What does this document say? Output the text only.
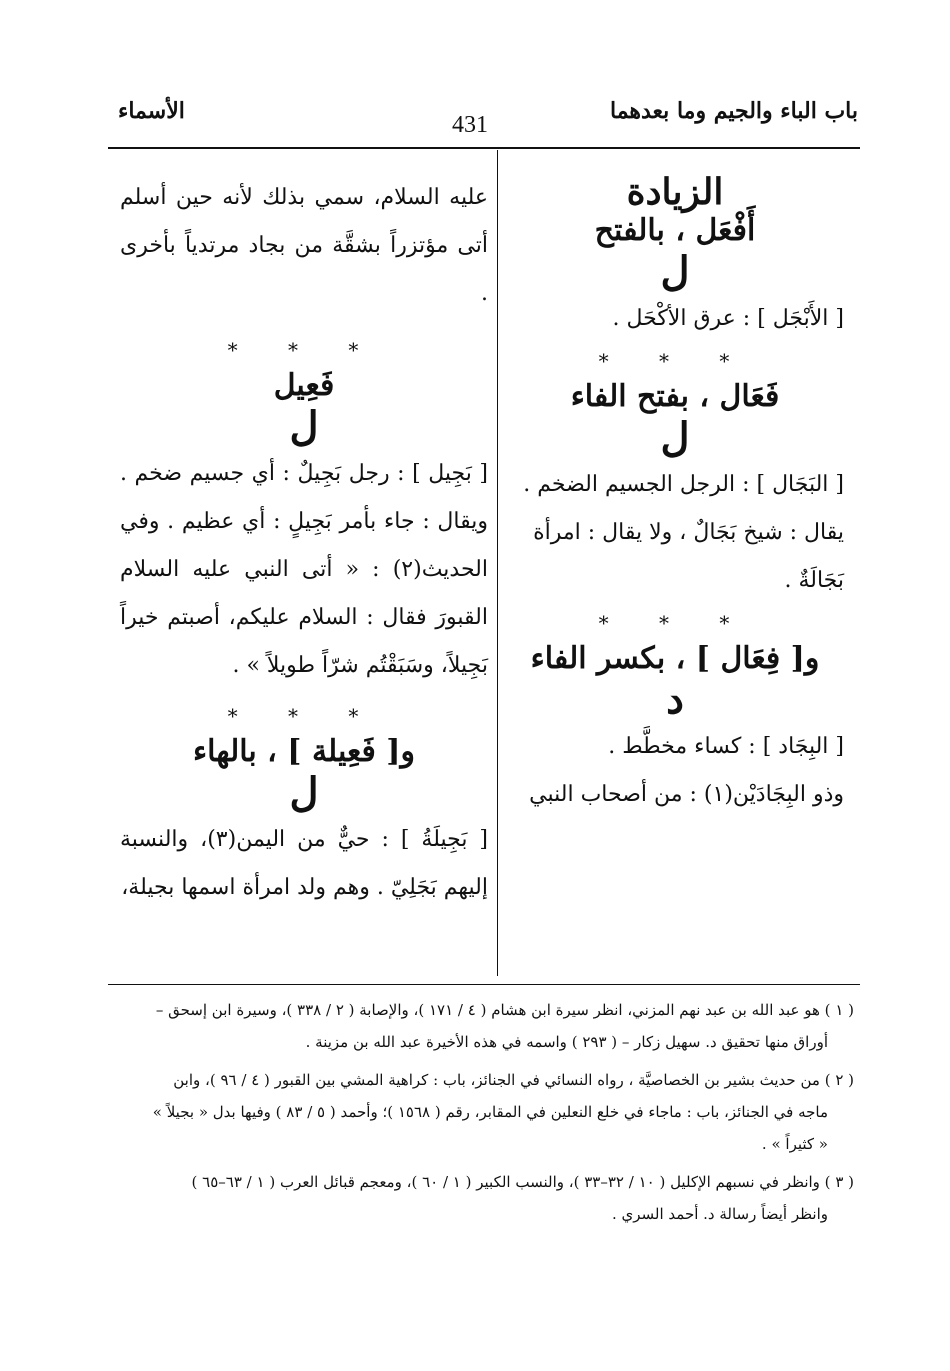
باب الباء والجيم وما بعدهما
431
الأسماء
الزيادة
أَفْعَل ، بالفتح
ل

[ الأَبْجَل ] : عرق الأكْحَل .

* * *
فَعَال ، بفتح الفاء
ل

[ البَجَال ] : الرجل الجسيم الضخم .

يقال : شيخ بَجَالٌ ، ولا يقال : امرأة بَجَالَةٌ .

* * *
و[ فِعَال ] ، بكسر الفاء
د

[ البِجَاد ] : كساء مخطَّط .

وذو البِجَادَيْن(١) : من أصحاب النبي

عليه السلام، سمي بذلك لأنه حين أسلم أتى مؤتزراً بشقَّة من بجاد مرتدياً بأخرى .

* * *
فَعِيل
ل

[ بَجِيل ] : رجل بَجِيلٌ : أي جسيم ضخم . ويقال : جاء بأمر بَجِيلٍ : أي عظيم . وفي الحديث(٢) : « أتى النبي عليه السلام القبورَ فقال : السلام عليكم، أصبتم خيراً بَجِيلاً، وسَبَقْتُم شرّاً طويلاً » .

* * *
و[ فَعِيلة ] ، بالهاء
ل

[ بَجِيلَةُ ] : حيٌّ من اليمن(٣)، والنسبة إليهم بَجَلِيّ . وهم ولد امرأة اسمها بجيلة،

( ١ ) هو عبد الله بن عبد نهم المزني، انظر سيرة ابن هشام ( ٤ / ١٧١ )، والإصابة ( ٢ / ٣٣٨ )، وسيرة ابن إسحق –
أوراق منها تحقيق د. سهيل زكار – ( ٢٩٣ ) واسمه في هذه الأخيرة عبد الله بن مزينة .

( ٢ ) من حديث بشير بن الخصاصيَّة ، رواه النسائي في الجنائز، باب : كراهية المشي بين القبور ( ٤ / ٩٦ )، وابن
ماجه في الجنائز، باب : ماجاء في خلع النعلين في المقابر، رقم ( ١٥٦٨ )؛ وأحمد ( ٥ / ٨٣ ) وفيها بدل « بجيلاً »
« كثيراً » .

( ٣ ) وانظر في نسبهم الإكليل ( ١٠ / ٣٢–٣٣ )، والنسب الكبير ( ١ / ٦٠ )، ومعجم قبائل العرب ( ١ / ٦٣–٦٥ )
وانظر أيضاً رسالة د. أحمد السري .
